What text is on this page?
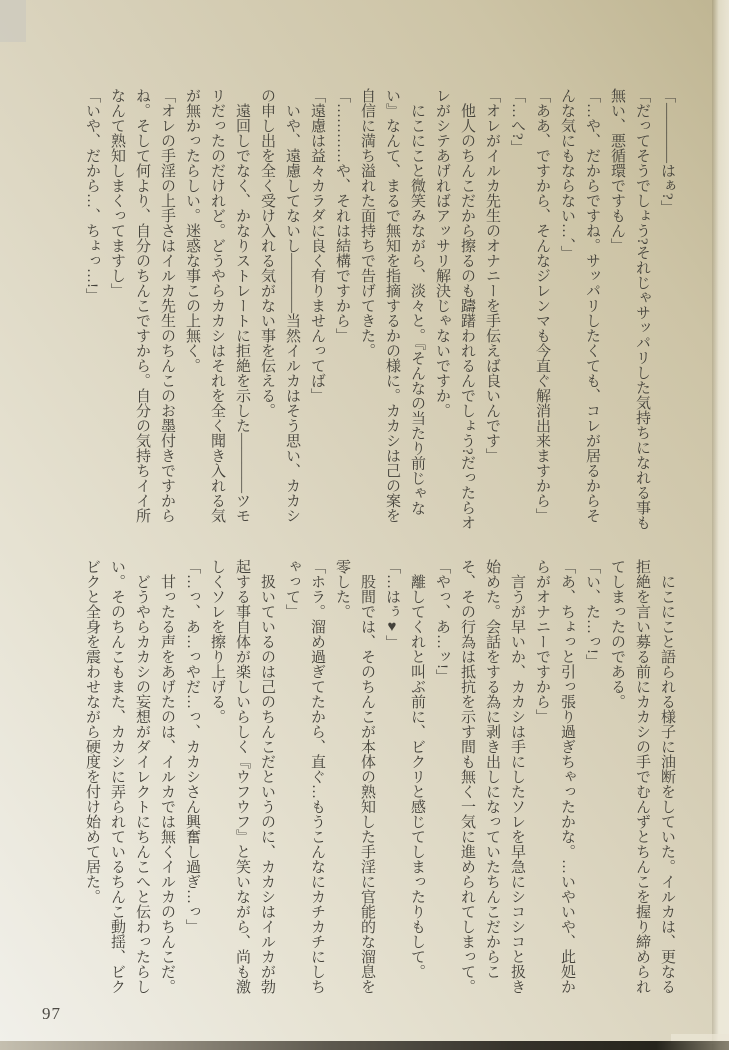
「――――はぁ?」

「だってそうでしょう?それじゃサッパリした気持ちになれる事も無い、悪循環ですもん」

「…や、だからですね。サッパリしたくても、コレが居るからそんな気にもならない…、」

「ああ、ですから、そんなジレンマも今直ぐ解消出来ますから」

「…へ?」

「オレがイルカ先生のオナニーを手伝えば良いんです」

他人のちんこだから擦るのも躊躇われるんでしょう?だったらオレがシテあげればアッサリ解決じゃないですか。

にこにこと微笑みながら、淡々と。『そんなの当たり前じゃない』なんて、まるで無知を指摘するかの様に。カカシは己の案を自信に満ち溢れた面持ちで告げてきた。

「…………や、それは結構ですから」

「遠慮は益々カラダに良く有りませんってば」

いや、遠慮してないし――――当然イルカはそう思い、カカシの申し出を全く受け入れる気がない事を伝える。

遠回しでなく、かなりストレートに拒絶を示した――――ツモリだったのだけれど。どうやらカカシはそれを全く聞き入れる気が無かったらしい。迷惑な事この上無く。

「オレの手淫の上手さはイルカ先生のちんこのお墨付きですからね。そして何より、自分のちんこですから。自分の気持ちイイ所なんて熟知しまくってますし」

「いや、だから…、ちょっ…!」

にこにこと語られる様子に油断をしていた。イルカは、更なる拒絶を言い募る前にカカシの手でむんずとちんこを握り締められてしまったのである。

「い、た…っ!」

「あ、ちょっと引っ張り過ぎちゃったかな。…いやいや、此処からがオナニーですから」

言うが早いか、カカシは手にしたソレを早急にシコシコと扱き始めた。会話をする為に剥き出しになっていたちんこだからこそ、その行為は抵抗を示す間も無く一気に進められてしまって。

「やっ、あ…ッ!」

離してくれと叫ぶ前に、ビクリと感じてしまったりもして。

「…はぅ♥」

股間では、そのちんこが本体の熟知した手淫に官能的な溜息を零した。

「ホラ。溜め過ぎてたから、直ぐ…もうこんなにカチカチにしちゃって」

扱いているのは己のちんこだというのに、カカシはイルカが勃起する事自体が楽しいらしく『ウフウフ』と笑いながら、尚も激しくソレを擦り上げる。

「…っ、あ…っやだ…っ、カカシさん興奮し過ぎ…っ」

甘ったる声をあげたのは、イルカでは無くイルカのちんこだ。

どうやらカカシの妄想がダイレクトにちんこへと伝わったらしい。そのちんこもまた、カカシに弄られているちんこ動揺、ビクビクと全身を震わせながら硬度を付け始めて居た。

97
